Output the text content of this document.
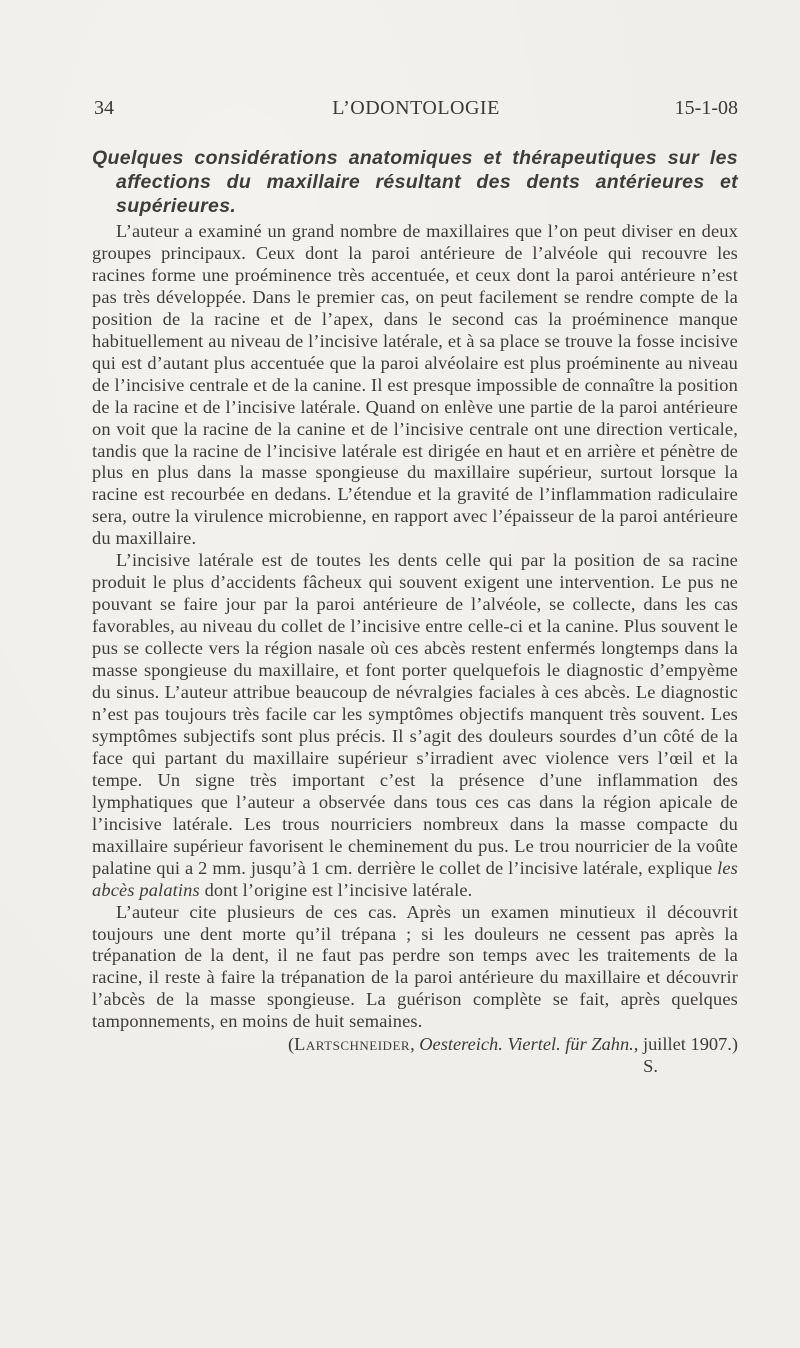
34	L’ODONTOLOGIE	15-1-08

Quelques considérations anatomiques et thérapeutiques sur les affections du maxillaire résultant des dents antérieures et supérieures.

L’auteur a examiné un grand nombre de maxillaires que l’on peut diviser en deux groupes principaux. Ceux dont la paroi antérieure de l’alvéole qui recouvre les racines forme une proéminence très accentuée, et ceux dont la paroi antérieure n’est pas très développée. Dans le premier cas, on peut facilement se rendre compte de la position de la racine et de l’apex, dans le second cas la proéminence manque habituellement au niveau de l’incisive latérale, et à sa place se trouve la fosse incisive qui est d’autant plus accentuée que la paroi alvéolaire est plus proéminente au niveau de l’incisive centrale et de la canine. Il est presque impossible de connaître la position de la racine et de l’incisive latérale. Quand on enlève une partie de la paroi antérieure on voit que la racine de la canine et de l’incisive centrale ont une direction verticale, tandis que la racine de l’incisive latérale est dirigée en haut et en arrière et pénètre de plus en plus dans la masse spongieuse du maxillaire supérieur, surtout lorsque la racine est recourbée en dedans. L’étendue et la gravité de l’inflammation radiculaire sera, outre la virulence microbienne, en rapport avec l’épaisseur de la paroi antérieure du maxillaire.

L’incisive latérale est de toutes les dents celle qui par la position de sa racine produit le plus d’accidents fâcheux qui souvent exigent une intervention. Le pus ne pouvant se faire jour par la paroi antérieure de l’alvéole, se collecte, dans les cas favorables, au niveau du collet de l’incisive entre celle-ci et la canine. Plus souvent le pus se collecte vers la région nasale où ces abcès restent enfermés longtemps dans la masse spongieuse du maxillaire, et font porter quelquefois le diagnostic d’empyème du sinus. L’auteur attribue beaucoup de névralgies faciales à ces abcès. Le diagnostic n’est pas toujours très facile car les symptômes objectifs manquent très souvent. Les symptômes subjectifs sont plus précis. Il s’agit des douleurs sourdes d’un côté de la face qui partant du maxillaire supérieur s’irradient avec violence vers l’œil et la tempe. Un signe très important c’est la présence d’une inflammation des lymphatiques que l’auteur a observée dans tous ces cas dans la région apicale de l’incisive latérale. Les trous nourriciers nombreux dans la masse compacte du maxillaire supérieur favorisent le cheminement du pus. Le trou nourricier de la voûte palatine qui a 2 mm. jusqu’à 1 cm. derrière le collet de l’incisive latérale, explique les abcès palatins dont l’origine est l’incisive latérale.

L’auteur cite plusieurs de ces cas. Après un examen minutieux il découvrit toujours une dent morte qu’il trépana ; si les douleurs ne cessent pas après la trépanation de la dent, il ne faut pas perdre son temps avec les traitements de la racine, il reste à faire la trépanation de la paroi antérieure du maxillaire et découvrir l’abcès de la masse spongieuse. La guérison complète se fait, après quelques tamponnements, en moins de huit semaines.

(Lartschneider, Oestereich. Viertel. für Zahn., juillet 1907.)

S.
